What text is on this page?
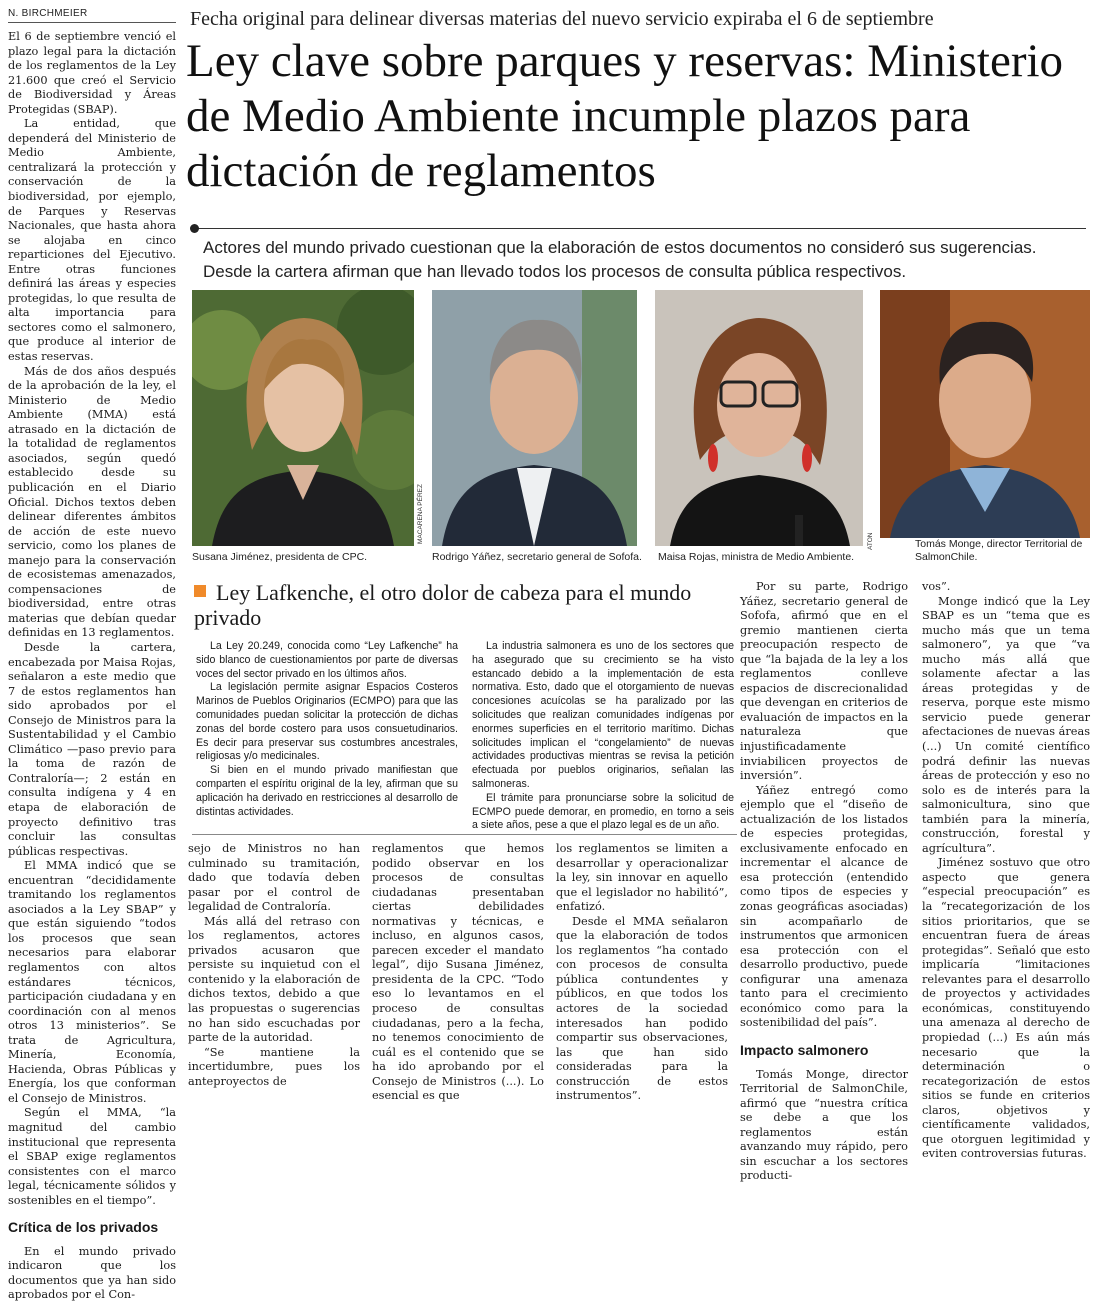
N. BIRCHMEIER	Fecha original para delinear diversas materias del nuevo servicio expiraba el 6 de septiembre
Ley clave sobre parques y reservas: Ministerio de Medio Ambiente incumple plazos para dictación de reglamentos
Actores del mundo privado cuestionan que la elaboración de estos documentos no consideró sus sugerencias. Desde la cartera afirman que han llevado todos los procesos de consulta pública respectivos.

El 6 de septiembre venció el plazo legal para la dictación de los reglamentos de la Ley 21.600 que creó el Servicio de Biodiversidad y Áreas Protegidas (SBAP).

La entidad, que dependerá del Ministerio de Medio Ambiente, centralizará la protección y conservación de la biodiversidad, por ejemplo, de Parques y Reservas Nacionales, que hasta ahora se alojaba en cinco reparticiones del Ejecutivo. Entre otras funciones definirá las áreas y especies protegidas, lo que resulta de alta importancia para sectores como el salmonero, que produce al interior de estas reservas.

Más de dos años después de la aprobación de la ley, el Ministerio de Medio Ambiente (MMA) está atrasado en la dictación de la totalidad de reglamentos asociados, según quedó establecido desde su publicación en el Diario Oficial. Dichos textos deben delinear diferentes ámbitos de acción de este nuevo servicio, como los planes de manejo para la conservación de ecosistemas amenazados, compensaciones de biodiversidad, entre otras materias que debían quedar definidas en 13 reglamentos.

Desde la cartera, encabezada por Maisa Rojas, señalaron a este medio que 7 de estos reglamentos han sido aprobados por el Consejo de Ministros para la Sustentabilidad y el Cambio Climático —paso previo para la toma de razón de Contraloría—; 2 están en consulta indígena y 4 en etapa de elaboración de proyecto definitivo tras concluir las consultas públicas respectivas.

El MMA indicó que se encuentran “decididamente tramitando los reglamentos asociados a la Ley SBAP” y que están siguiendo “todos los procesos que sean necesarios para elaborar reglamentos con altos estándares técnicos, participación ciudadana y en coordinación con al menos otros 13 ministerios”. Se trata de Agricultura, Minería, Economía, Hacienda, Obras Públicas y Energía, los que conforman el Consejo de Ministros.

Según el MMA, “la magnitud del cambio institucional que representa el SBAP exige reglamentos consistentes con el marco legal, técnicamente sólidos y sostenibles en el tiempo”.

Crítica de los privados

En el mundo privado indicaron que los documentos que ya han sido aprobados por el Con-

Susana Jiménez, presidenta de CPC.
MACARENA PÉREZ
Rodrigo Yáñez, secretario general de Sofofa. Maisa Rojas, ministra de Medio Ambiente.
ATON	Tomás Monge, director Territorial de SalmonChile.
Ley Lafkenche, el otro dolor de cabeza para el mundo privado

La Ley 20.249, conocida como “Ley Lafkenche” ha sido blanco de cuestionamientos por parte de diversas voces del sector privado en los últimos años.

La legislación permite asignar Espacios Costeros Marinos de Pueblos Originarios (ECMPO) para que las comunidades puedan solicitar la protección de dichas zonas del borde costero para usos consuetudinarios. Es decir para preservar sus costumbres ancestrales, religiosas y/o medicinales.

Si bien en el mundo privado manifiestan que comparten el espíritu original de la ley, afirman que su aplicación ha derivado en restricciones al desarrollo de distintas actividades.

La industria salmonera es uno de los sectores que ha asegurado que su crecimiento se ha visto estancado debido a la implementación de esta normativa. Esto, dado que el otorgamiento de nuevas concesiones acuícolas se ha paralizado por las solicitudes que realizan comunidades indígenas por enormes superficies en el territorio marítimo. Dichas solicitudes implican el “congelamiento” de nuevas actividades productivas mientras se revisa la petición efectuada por pueblos originarios, señalan las salmoneras.

El trámite para pronunciarse sobre la solicitud de ECMPO puede demorar, en promedio, en torno a seis a siete años, pese a que el plazo legal es de un año.

sejo de Ministros no han culminado su tramitación, dado que todavía deben pasar por el control de legalidad de Contraloría.

Más allá del retraso con los reglamentos, actores privados acusaron que persiste su inquietud con el contenido y la elaboración de dichos textos, debido a que las propuestas o sugerencias no han sido escuchadas por parte de la autoridad.

“Se mantiene la incertidumbre, pues los anteproyectos de

reglamentos que hemos podido observar en los procesos de consultas ciudadanas presentaban ciertas debilidades normativas y técnicas, e incluso, en algunos casos, parecen exceder el mandato legal”, dijo Susana Jiménez, presidenta de la CPC. “Todo eso lo levantamos en el proceso de consultas ciudadanas, pero a la fecha, no tenemos conocimiento de cuál es el contenido que se ha ido aprobando por el Consejo de Ministros (...). Lo esencial es que

los reglamentos se limiten a desarrollar y operacionalizar la ley, sin innovar en aquello que el legislador no habilitó”, enfatizó.

Desde el MMA señalaron que la elaboración de todos los reglamentos “ha contado con procesos de consulta pública contundentes y públicos, en que todos los actores de la sociedad interesados han podido compartir sus observaciones, las que han sido consideradas para la construcción de estos instrumentos”.

Por su parte, Rodrigo Yáñez, secretario general de Sofofa, afirmó que en el gremio mantienen cierta preocupación respecto de que “la bajada de la ley a los reglamentos conlleve espacios de discrecionalidad que devengan en criterios de evaluación de impactos en la naturaleza que injustificadamente inviabilicen proyectos de inversión”.

Yáñez entregó como ejemplo que el “diseño de actualización de los listados de especies protegidas, exclusivamente enfocado en incrementar el alcance de esa protección (entendido como tipos de especies y zonas geográficas asociadas) sin acompañarlo de instrumentos que armonicen esa protección con el desarrollo productivo, puede configurar una amenaza tanto para el crecimiento económico como para la sostenibilidad del país”.

Impacto salmonero

Tomás Monge, director Territorial de SalmonChile, afirmó que “nuestra crítica se debe a que los reglamentos están avanzando muy rápido, pero sin escuchar a los sectores producti-

vos”.

Monge indicó que la Ley SBAP es un “tema que es mucho más que un tema salmonero”, ya que “va mucho más allá que solamente afectar a las áreas protegidas y de reserva, porque este mismo servicio puede generar afectaciones de nuevas áreas (...) Un comité científico podrá definir las nuevas áreas de protección y eso no solo es de interés para la salmonicultura, sino que también para la minería, construcción, forestal y agrícultura”.

Jiménez sostuvo que otro aspecto que genera “especial preocupación” es la “recategorización de los sitios prioritarios, que se encuentran fuera de áreas protegidas”. Señaló que esto implicaría “limitaciones relevantes para el desarrollo de proyectos y actividades económicas, constituyendo una amenaza al derecho de propiedad (...) Es aún más necesario que la determinación o recategorización de estos sitios se funde en criterios claros, objetivos y científicamente validados, que otorguen legitimidad y eviten controversias futuras.
